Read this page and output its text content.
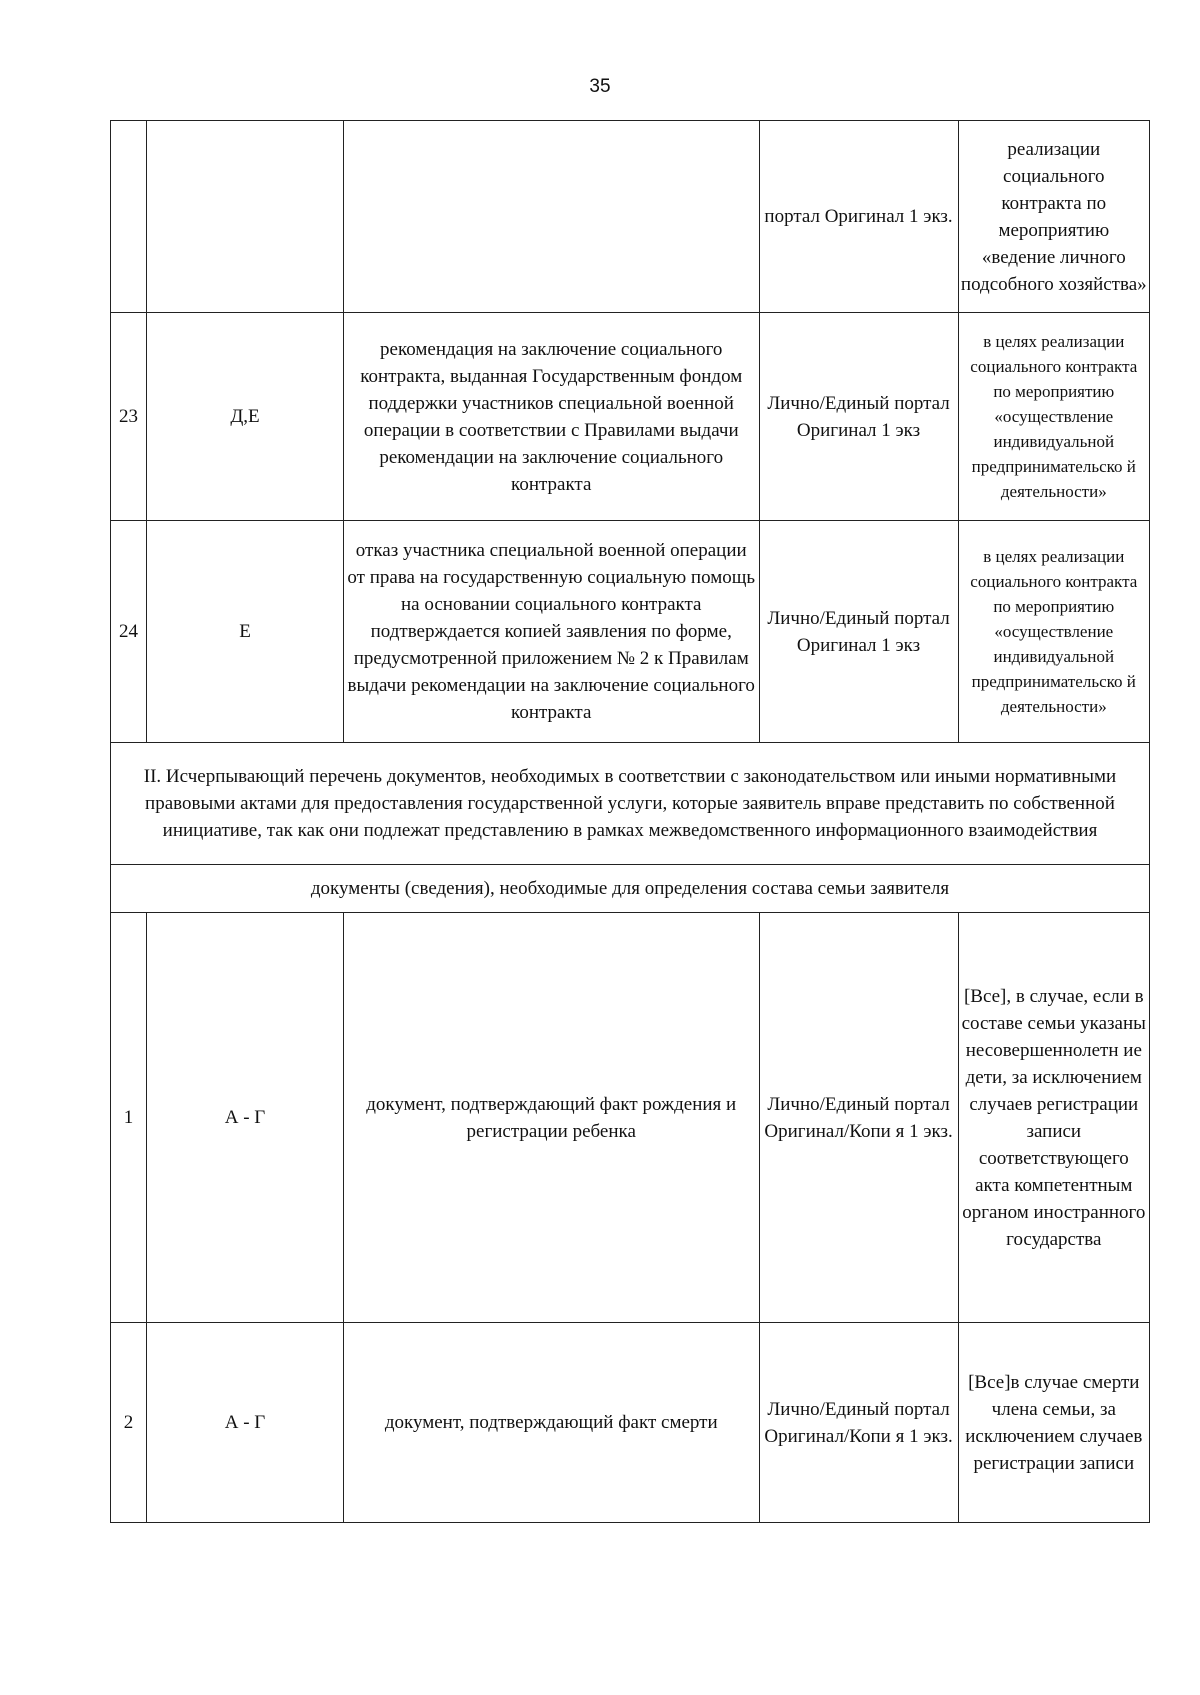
35
			портал Оригинал 1 экз.	реализации социального контракта по мероприятию «ведение личного подсобного хозяйства»
23	Д,Е	рекомендация на заключение социального контракта, выданная Государственным фондом поддержки участников специальной военной операции в соответствии с Правилами выдачи рекомендации на заключение социального контракта	Лично/Единый портал Оригинал 1 экз	в целях реализации социального контракта по мероприятию «осуществление индивидуальной предпринимательско й деятельности»
24	Е	отказ участника специальной военной операции от права на государственную социальную помощь на основании социального контракта подтверждается копией заявления по форме, предусмотренной приложением № 2 к Правилам выдачи рекомендации на заключение социального контракта	Лично/Единый портал Оригинал 1 экз	в целях реализации социального контракта по мероприятию «осуществление индивидуальной предпринимательско й деятельности»
II. Исчерпывающий перечень документов, необходимых в соответствии с законодательством или иными нормативными правовыми актами для предоставления государственной услуги, которые заявитель вправе представить по собственной инициативе, так как они подлежат представлению в рамках межведомственного информационного взаимодействия				
документы (сведения), необходимые для определения состава семьи заявителя				
1	А - Г	документ, подтверждающий факт рождения и регистрации ребенка	Лично/Единый портал Оригинал/Копи я 1 экз.	[Все], в случае, если в составе семьи указаны несовершеннолетн ие дети, за исключением случаев регистрации записи соответствующего акта компетентным органом иностранного государства
2	А - Г	документ, подтверждающий факт смерти	Лично/Единый портал Оригинал/Копи я 1 экз.	[Все]в случае смерти члена семьи, за исключением случаев регистрации записи
